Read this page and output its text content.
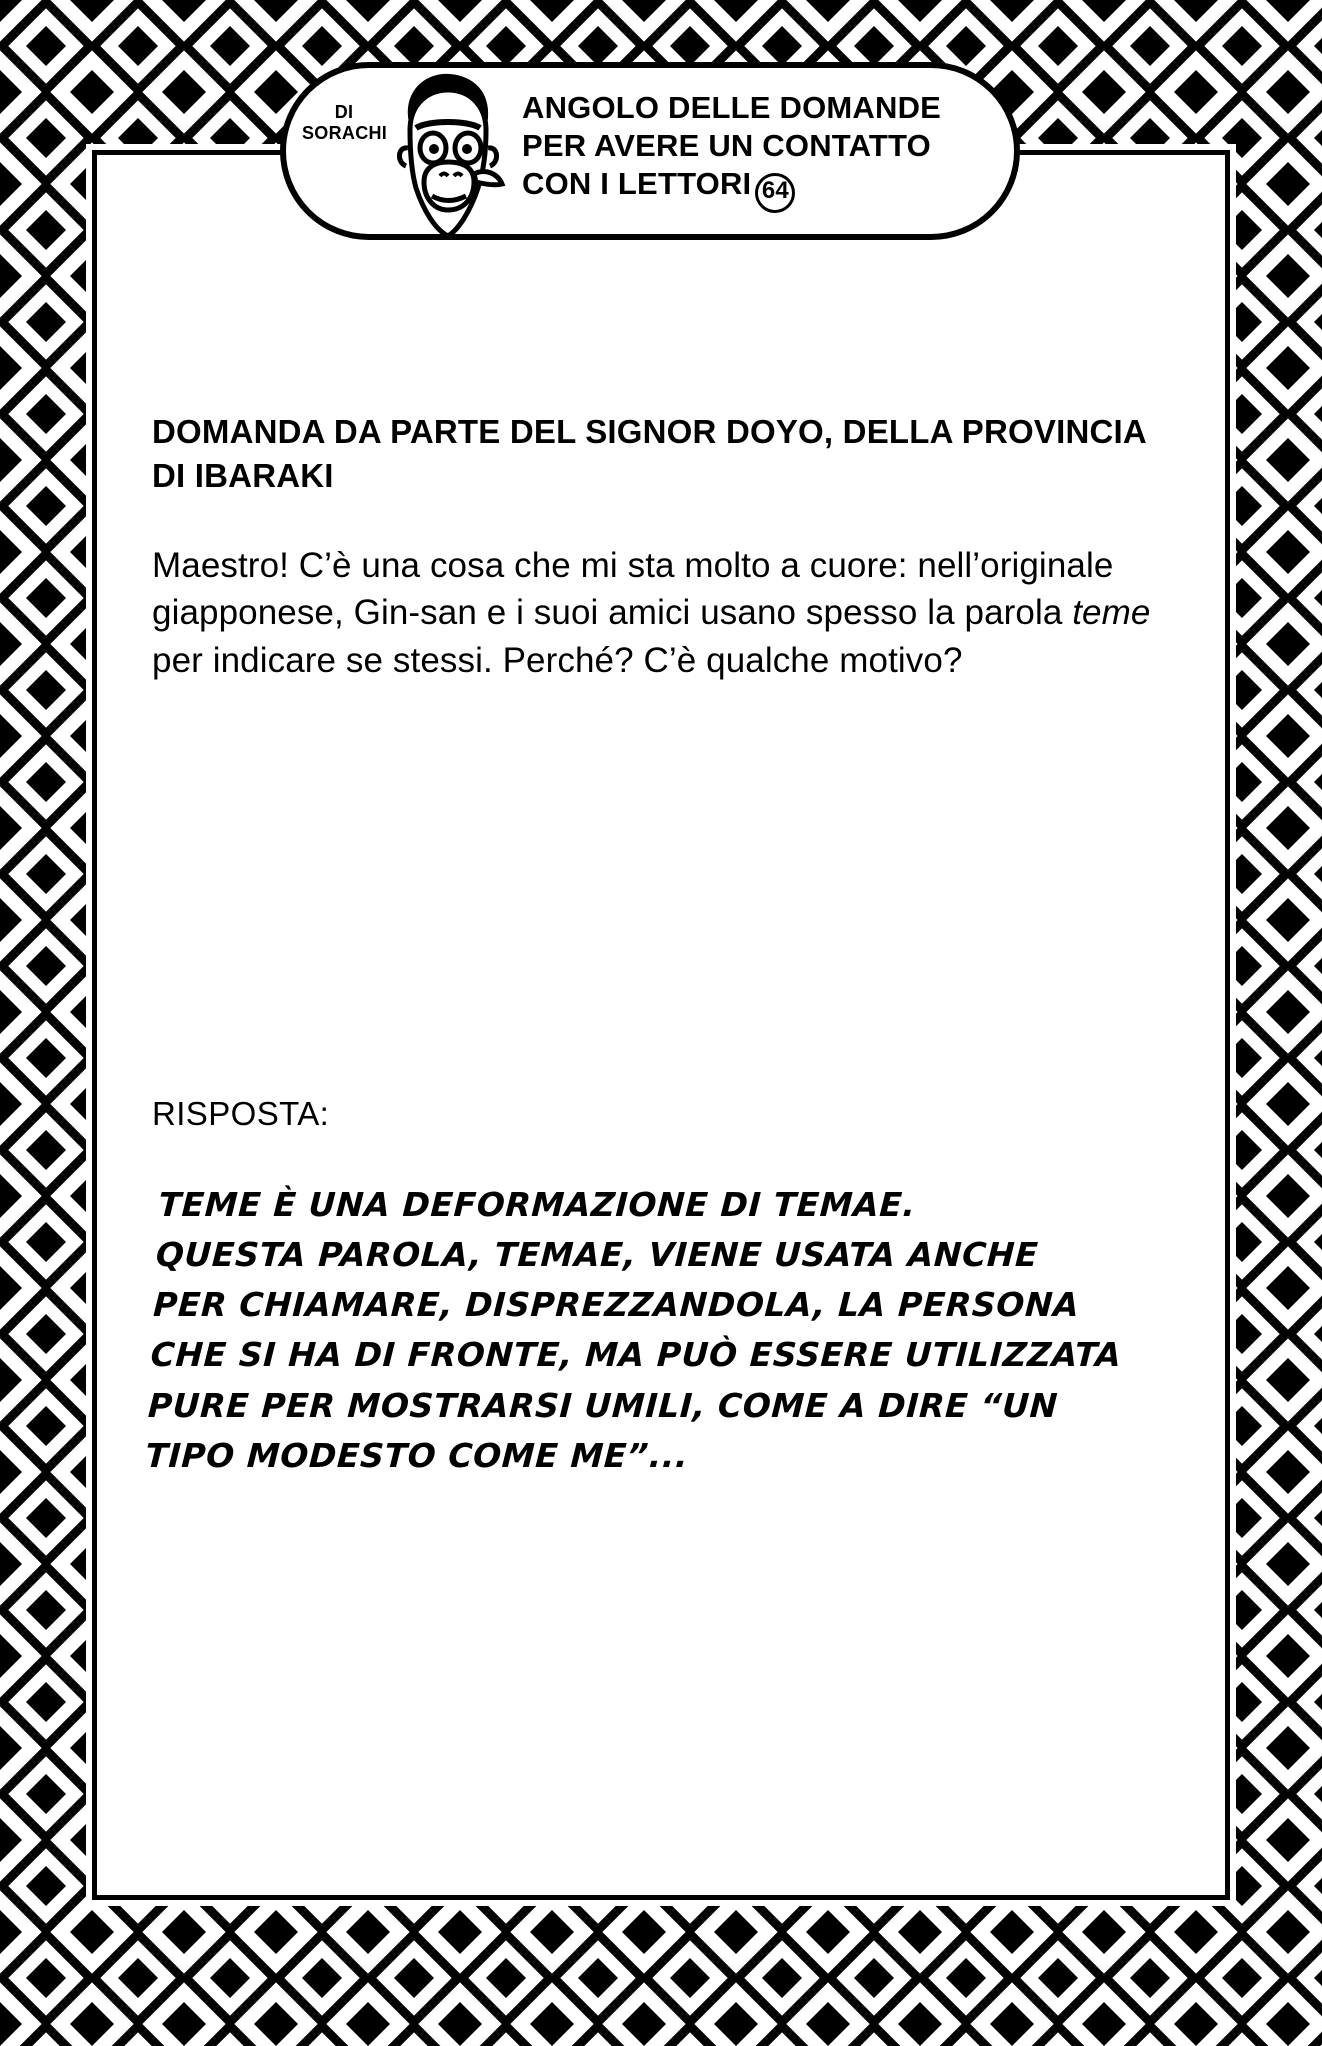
DI
SORACHI
ANGOLO DELLE DOMANDE
PER AVERE UN CONTATTO
CON I LETTORI 64

DOMANDA DA PARTE DEL SIGNOR DOYO, DELLA PROVINCIA DI IBARAKI

Maestro! C’è una cosa che mi sta molto a cuore: nell’originale giapponese, Gin-san e i suoi amici usano spesso la parola teme per indicare se stessi. Perché? C’è qualche motivo?

RISPOSTA:
TEME È UNA DEFORMAZIONE DI TEMAE.
QUESTA PAROLA, TEMAE, VIENE USATA ANCHE
PER CHIAMARE, DISPREZZANDOLA, LA PERSONA
CHE SI HA DI FRONTE, MA PUÒ ESSERE UTILIZZATA
PURE PER MOSTRARSI UMILI, COME A DIRE “UN
TIPO MODESTO COME ME”...
